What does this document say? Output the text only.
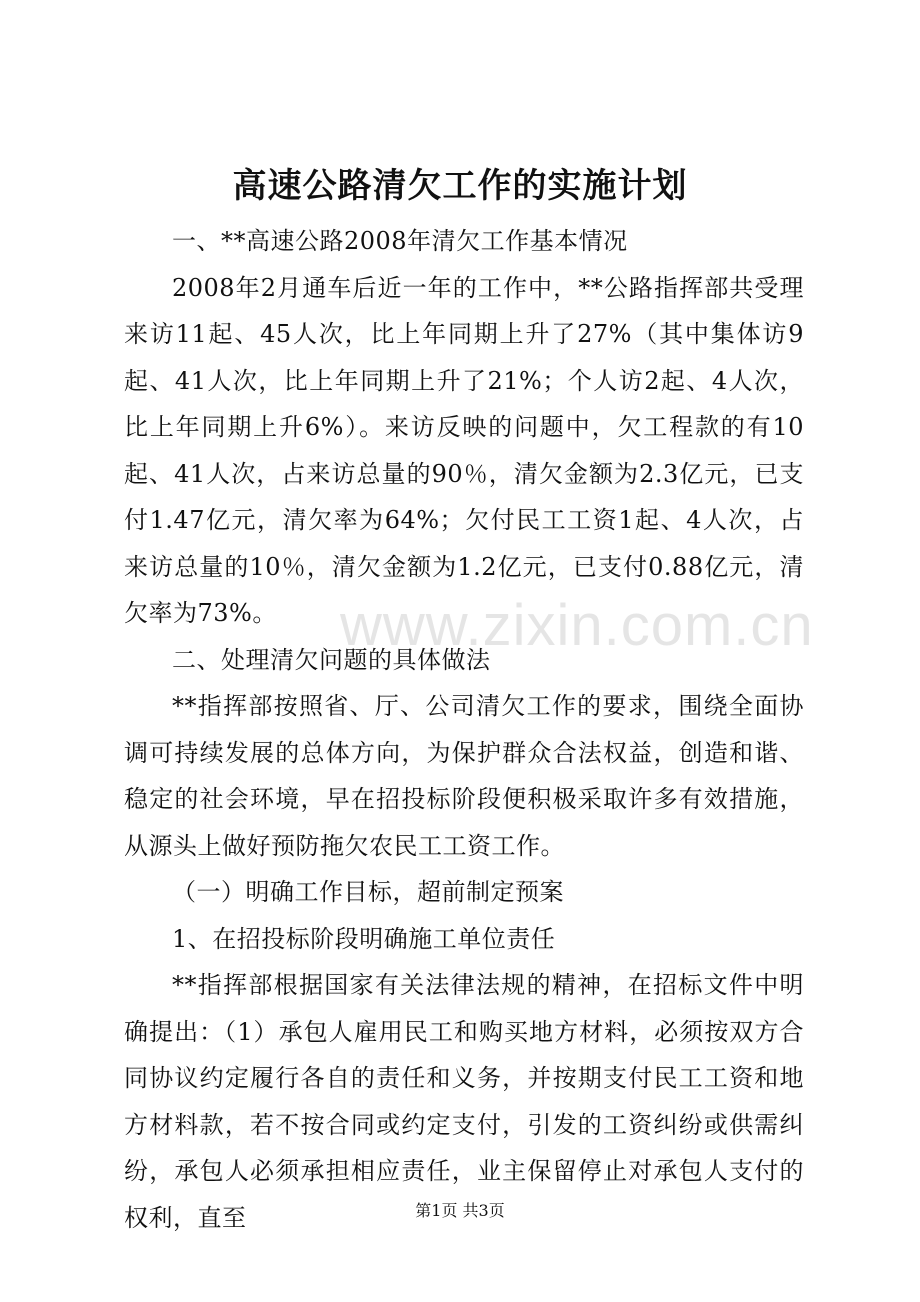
高速公路清欠工作的实施计划

一、**高速公路2008年清欠工作基本情况

2008年2月通车后近一年的工作中，**公路指挥部共受理来访11起、45人次，比上年同期上升了27%（其中集体访9起、41人次，比上年同期上升了21%；个人访2起、4人次，比上年同期上升6%）。来访反映的问题中，欠工程款的有10起、41人次，占来访总量的90％，清欠金额为2.3亿元，已支付1.47亿元，清欠率为64%；欠付民工工资1起、4人次，占来访总量的10％，清欠金额为1.2亿元，已支付0.88亿元，清欠率为73%。

二、处理清欠问题的具体做法

**指挥部按照省、厅、公司清欠工作的要求，围绕全面协调可持续发展的总体方向，为保护群众合法权益，创造和谐、稳定的社会环境，早在招投标阶段便积极采取许多有效措施，从源头上做好预防拖欠农民工工资工作。

（一）明确工作目标，超前制定预案

1、在招投标阶段明确施工单位责任

**指挥部根据国家有关法律法规的精神，在招标文件中明确提出：（1）承包人雇用民工和购买地方材料，必须按双方合同协议约定履行各自的责任和义务，并按期支付民工工资和地方材料款，若不按合同或约定支付，引发的工资纠纷或供需纠纷，承包人必须承担相应责任，业主保留停止对承包人支付的权利，直至

www.zixin.com.cn
第1页 共3页
